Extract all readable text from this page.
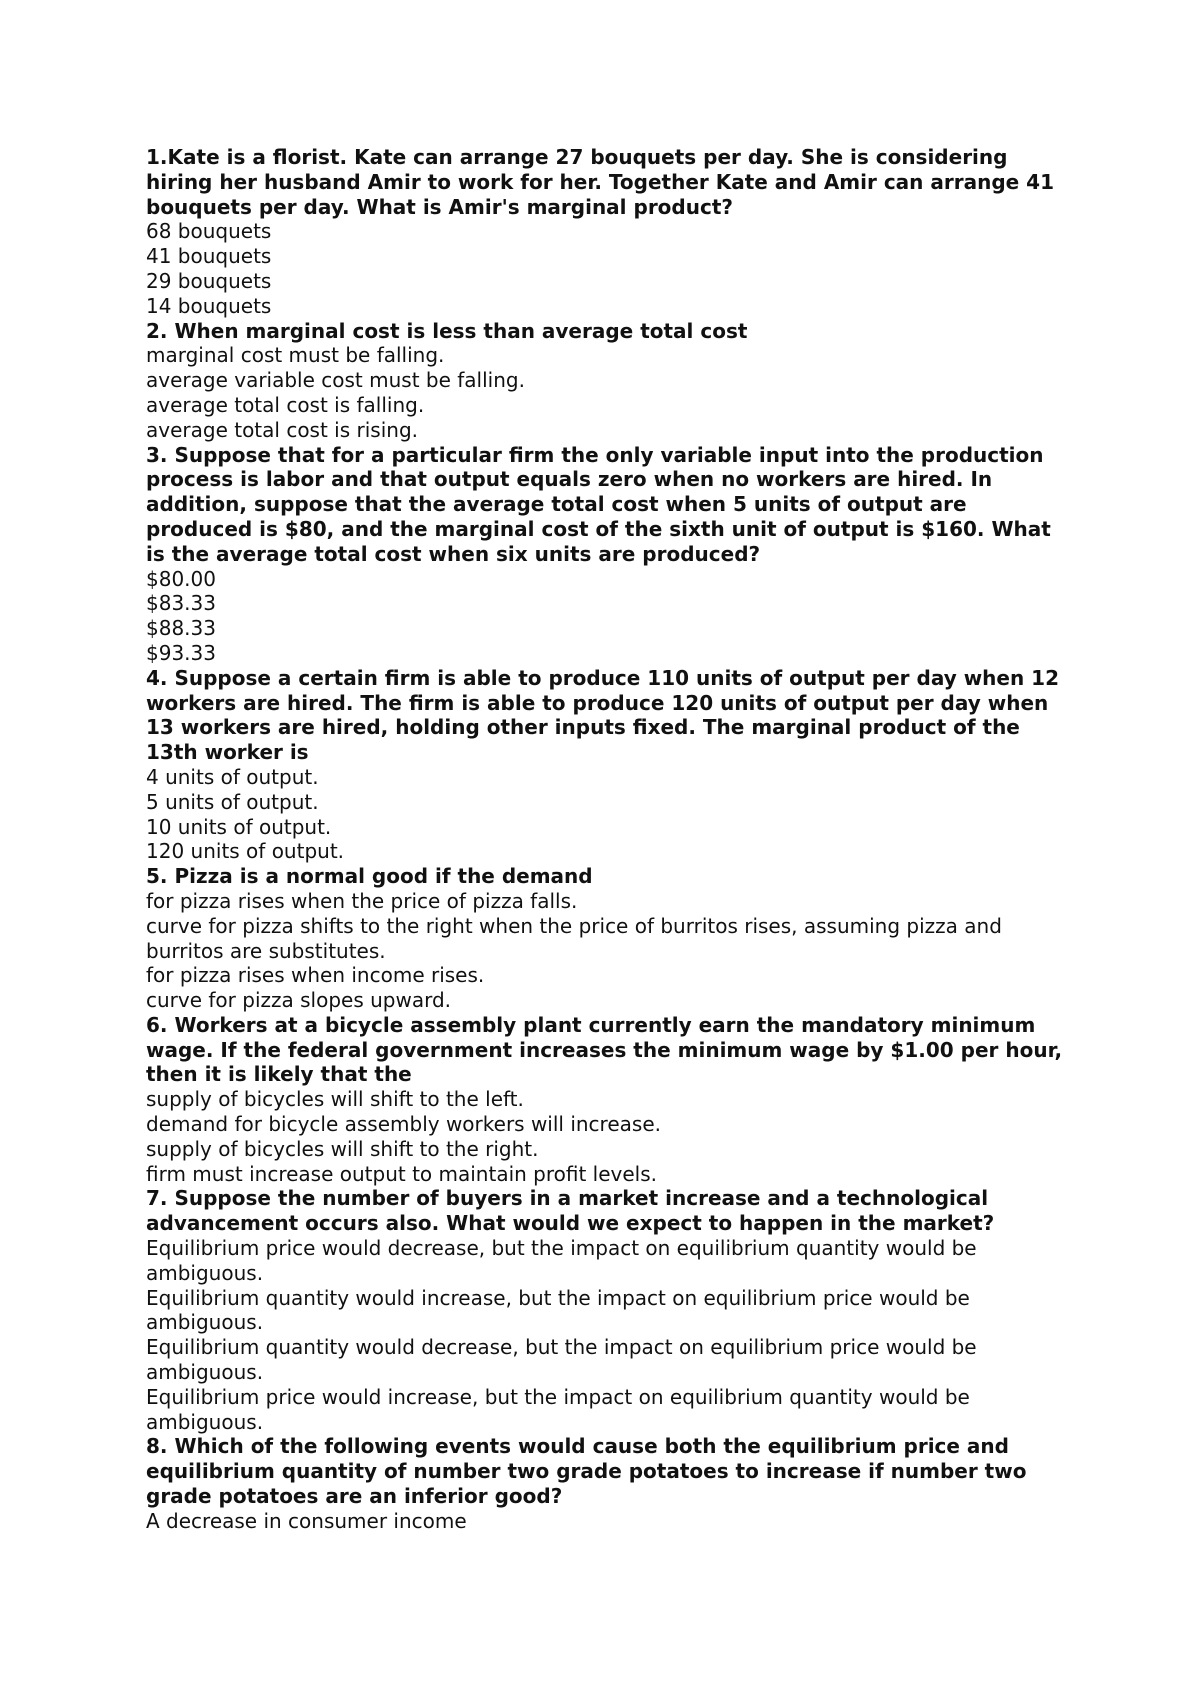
1.Kate is a florist. Kate can arrange 27 bouquets per day. She is considering hiring her husband Amir to work for her. Together Kate and Amir can arrange 41 bouquets per day. What is Amir's marginal product?
68 bouquets
41 bouquets
29 bouquets
14 bouquets
2. When marginal cost is less than average total cost
marginal cost must be falling.
average variable cost must be falling.
average total cost is falling.
average total cost is rising.
3. Suppose that for a particular firm the only variable input into the production process is labor and that output equals zero when no workers are hired. In addition, suppose that the average total cost when 5 units of output are produced is $80, and the marginal cost of the sixth unit of output is $160. What is the average total cost when six units are produced?
$80.00
$83.33
$88.33
$93.33
4. Suppose a certain firm is able to produce 110 units of output per day when 12 workers are hired. The firm is able to produce 120 units of output per day when 13 workers are hired, holding other inputs fixed. The marginal product of the 13th worker is
4 units of output.
5 units of output.
10 units of output.
120 units of output.
5. Pizza is a normal good if the demand
for pizza rises when the price of pizza falls.
curve for pizza shifts to the right when the price of burritos rises, assuming pizza and burritos are substitutes.
for pizza rises when income rises.
curve for pizza slopes upward.
6. Workers at a bicycle assembly plant currently earn the mandatory minimum wage. If the federal government increases the minimum wage by $1.00 per hour, then it is likely that the
supply of bicycles will shift to the left.
demand for bicycle assembly workers will increase.
supply of bicycles will shift to the right.
firm must increase output to maintain profit levels.
7. Suppose the number of buyers in a market increase and a technological advancement occurs also. What would we expect to happen in the market?
Equilibrium price would decrease, but the impact on equilibrium quantity would be ambiguous.
Equilibrium quantity would increase, but the impact on equilibrium price would be ambiguous.
Equilibrium quantity would decrease, but the impact on equilibrium price would be ambiguous.
Equilibrium price would increase, but the impact on equilibrium quantity would be ambiguous.
8. Which of the following events would cause both the equilibrium price and equilibrium quantity of number two grade potatoes to increase if number two grade potatoes are an inferior good?
A decrease in consumer income
